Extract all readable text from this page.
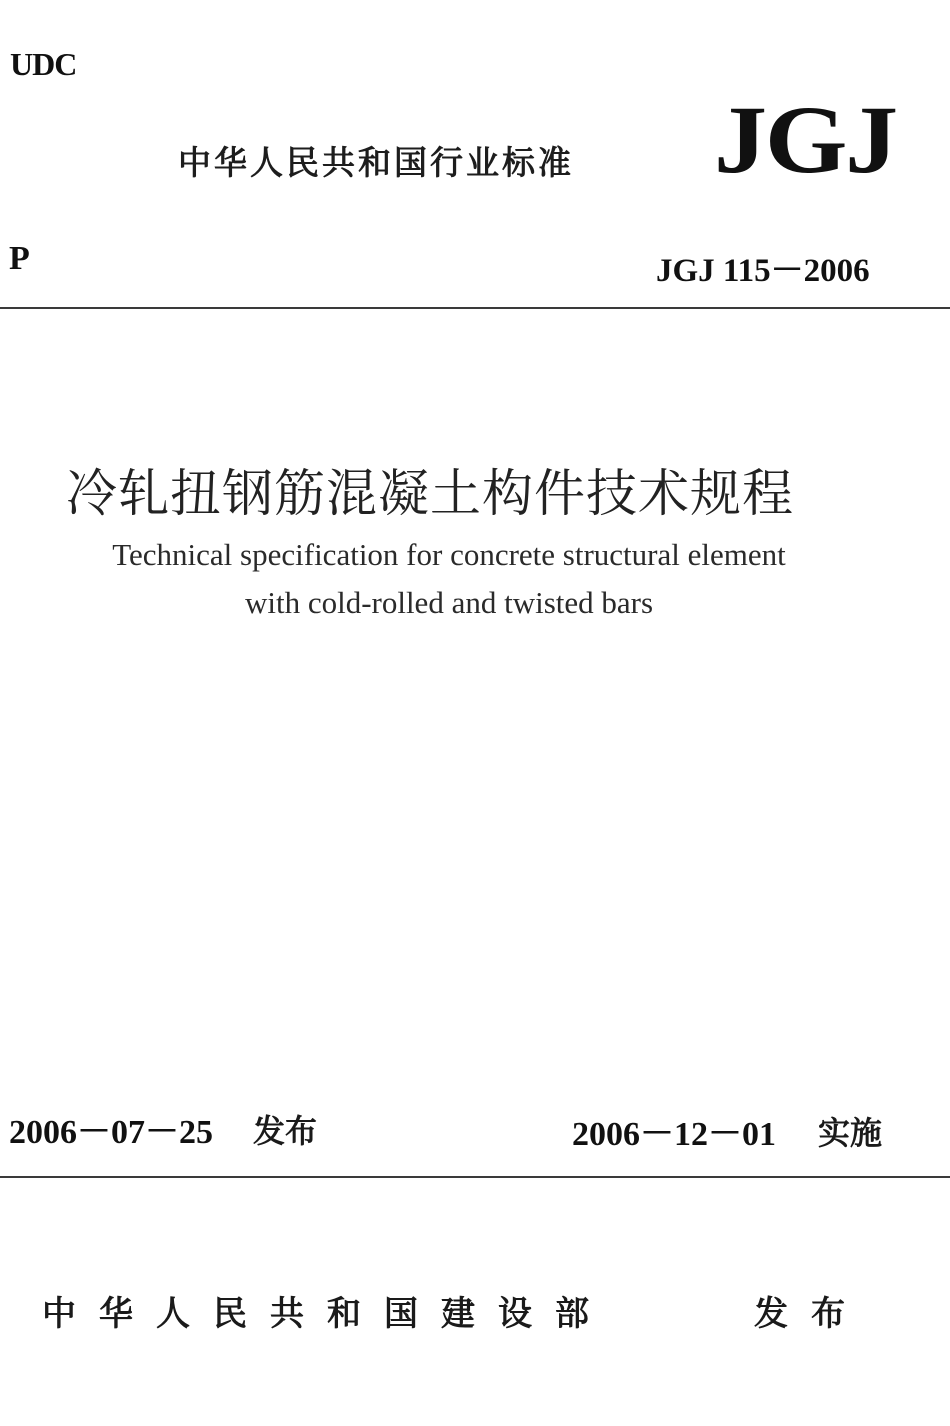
UDC
中华人民共和国行业标准 JGJ
P	JGJ 115－2006
冷轧扭钢筋混凝土构件技术规程
Technical specification for concrete structural element
with cold-rolled and twisted bars
2006－07－25 发布	2006－12－01 实施
中华人民共和国建设部	发布
